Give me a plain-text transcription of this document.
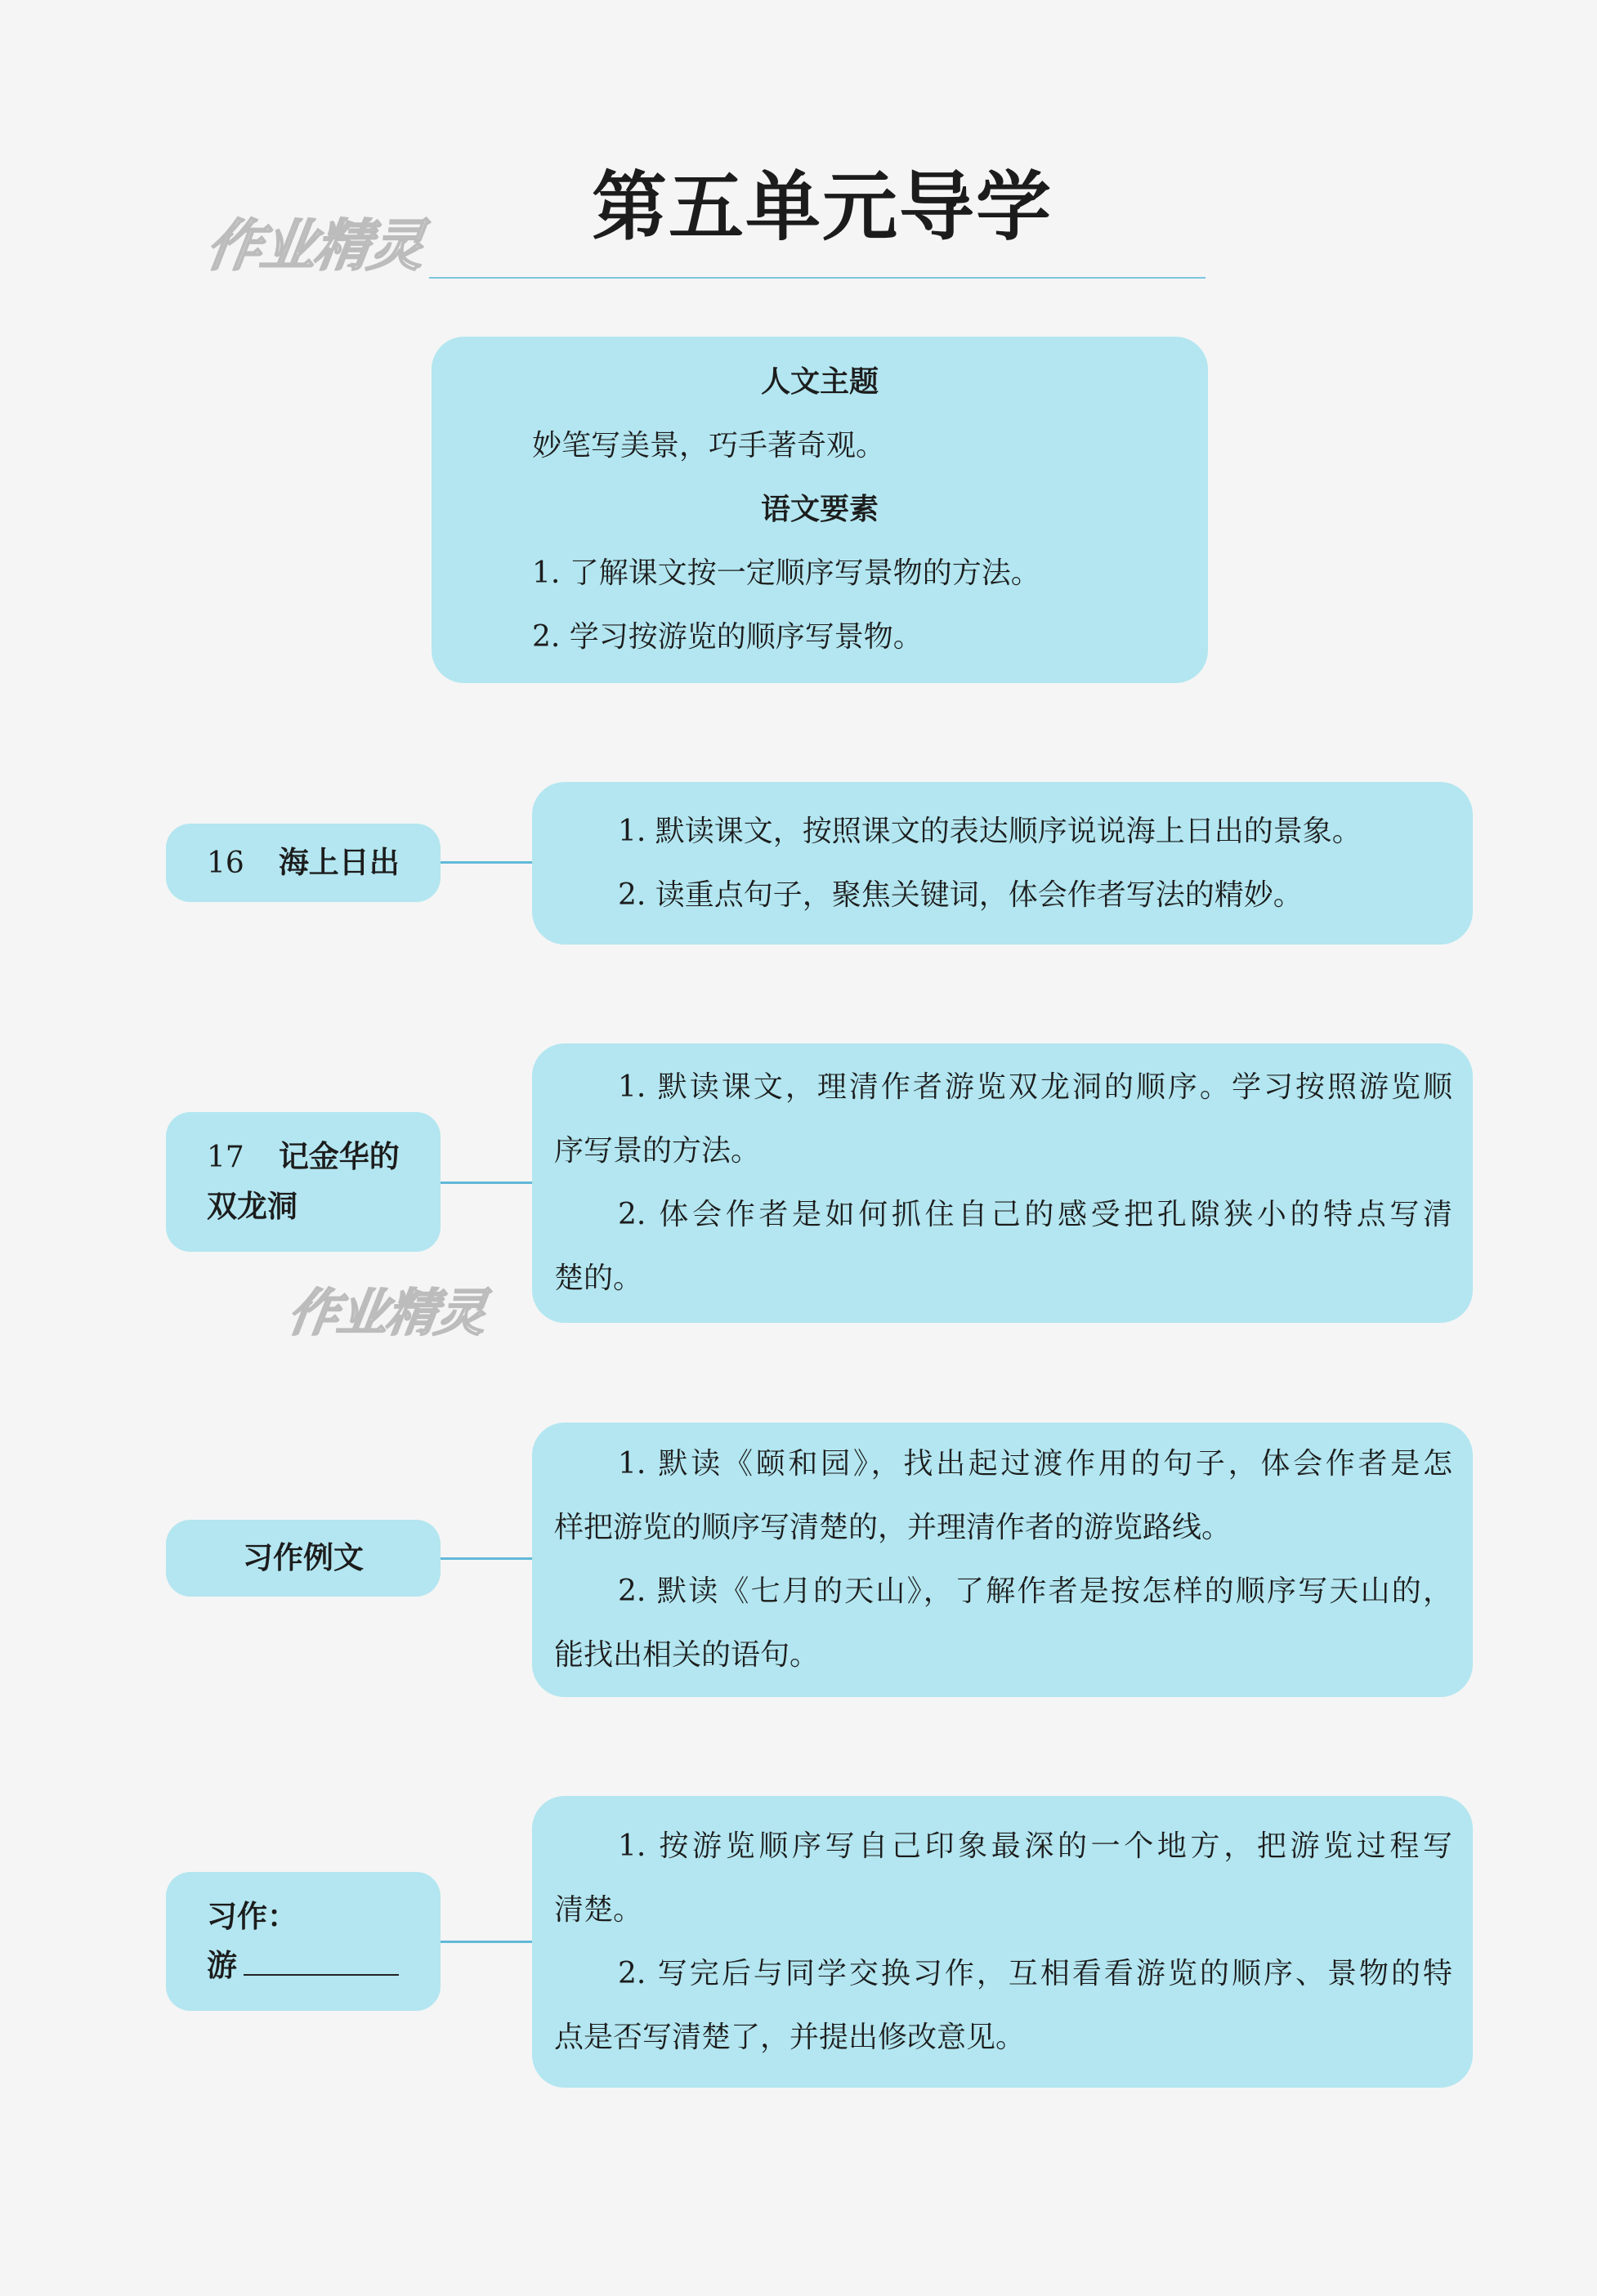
作业精灵
作业精灵
第五单元导学
人文主题
妙笔写美景，巧手著奇观。
语文要素
1. 了解课文按一定顺序写景物的方法。
2. 学习按游览的顺序写景物。
16 海上日出
1. 默读课文，按照课文的表达顺序说说海上日出的景象。
2. 读重点句子，聚焦关键词，体会作者写法的精妙。
17 记金华的
双龙洞
1. 默读课文，理清作者游览双龙洞的顺序。学习按照游览顺
序写景的方法。
2. 体会作者是如何抓住自己的感受把孔隙狭小的特点写清
楚的。
习作例文
1. 默读《颐和园》，找出起过渡作用的句子，体会作者是怎
样把游览的顺序写清楚的，并理清作者的游览路线。
2. 默读《七月的天山》，了解作者是按怎样的顺序写天山的，
能找出相关的语句。
习作：
游
1. 按游览顺序写自己印象最深的一个地方，把游览过程写
清楚。
2. 写完后与同学交换习作，互相看看游览的顺序、景物的特
点是否写清楚了，并提出修改意见。
